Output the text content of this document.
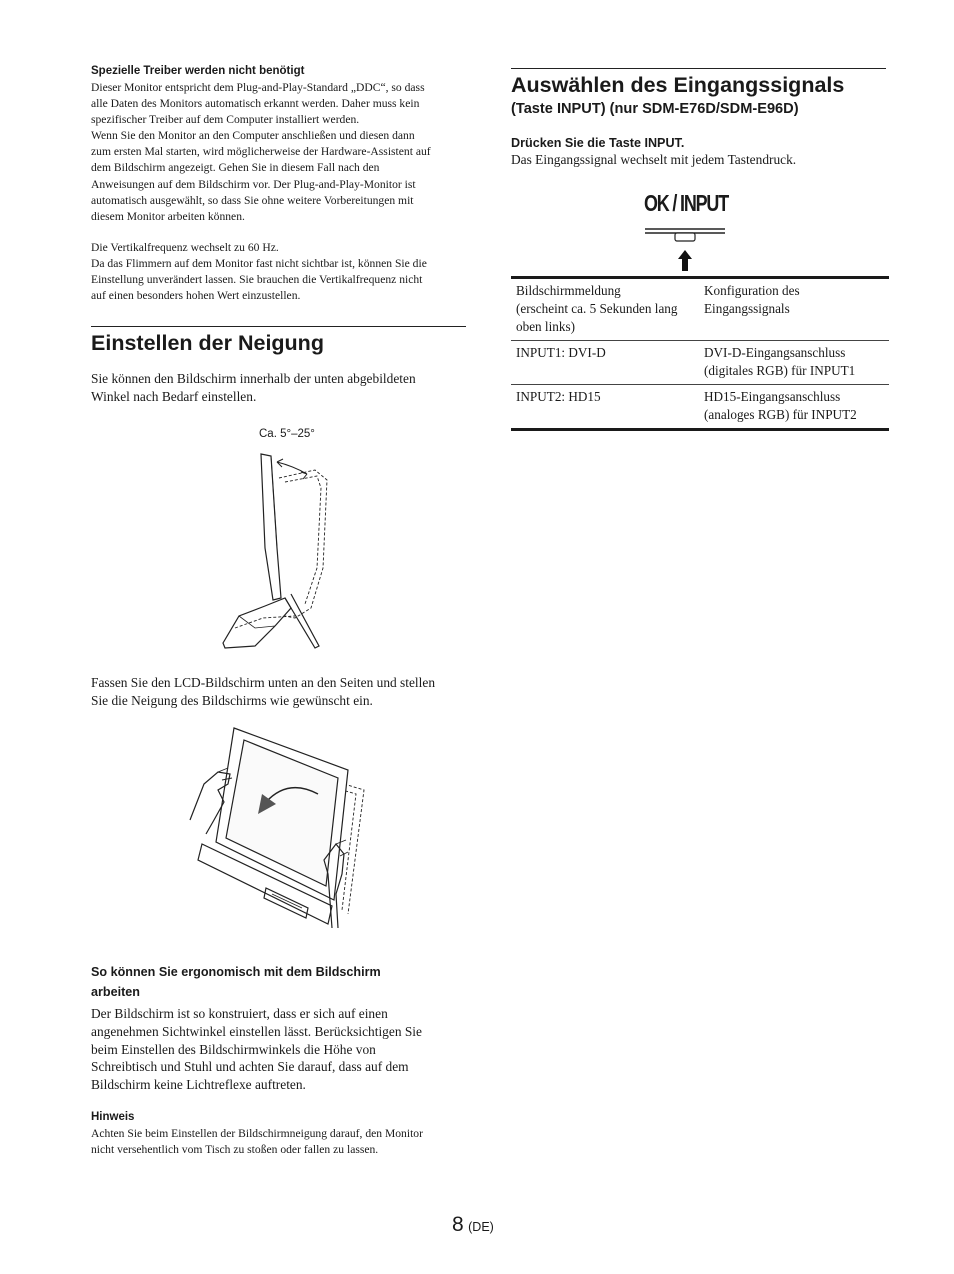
Spezielle Treiber werden nicht benötigt
Dieser Monitor entspricht dem Plug-and-Play-Standard „DDC“, so dass
alle Daten des Monitors automatisch erkannt werden. Daher muss kein
spezifischer Treiber auf dem Computer installiert werden.
Wenn Sie den Monitor an den Computer anschließen und diesen dann
zum ersten Mal starten, wird möglicherweise der Hardware-Assistent auf
dem Bildschirm angezeigt. Gehen Sie in diesem Fall nach den
Anweisungen auf dem Bildschirm vor. Der Plug-and-Play-Monitor ist
automatisch ausgewählt, so dass Sie ohne weitere Vorbereitungen mit
diesem Monitor arbeiten können.
Die Vertikalfrequenz wechselt zu 60 Hz.
Da das Flimmern auf dem Monitor fast nicht sichtbar ist, können Sie die
Einstellung unverändert lassen. Sie brauchen die Vertikalfrequenz nicht
auf einen besonders hohen Wert einzustellen.
Einstellen der Neigung
Sie können den Bildschirm innerhalb der unten abgebildeten
Winkel nach Bedarf einstellen.
Ca. 5°–25°
Fassen Sie den LCD-Bildschirm unten an den Seiten und stellen
Sie die Neigung des Bildschirms wie gewünscht ein.
So können Sie ergonomisch mit dem Bildschirm
arbeiten
Der Bildschirm ist so konstruiert, dass er sich auf einen
angenehmen Sichtwinkel einstellen lässt. Berücksichtigen Sie
beim Einstellen des Bildschirmwinkels die Höhe von
Schreibtisch und Stuhl und achten Sie darauf, dass auf dem
Bildschirm keine Lichtreflexe auftreten.
Hinweis
Achten Sie beim Einstellen der Bildschirmneigung darauf, den Monitor
nicht versehentlich vom Tisch zu stoßen oder fallen zu lassen.
Auswählen des Eingangssignals
(Taste INPUT) (nur SDM-E76D/SDM-E96D)
Drücken Sie die Taste INPUT.
Das Eingangssignal wechselt mit jedem Tastendruck.
OK / INPUT
Bildschirmmeldung
(erscheint ca. 5 Sekunden lang
oben links)
Konfiguration des
Eingangssignals
INPUT1: DVI-D	DVI-D-Eingangsanschluss
(digitales RGB) für INPUT1
INPUT2: HD15	HD15-Eingangsanschluss
(analoges RGB) für INPUT2
8 (DE)
